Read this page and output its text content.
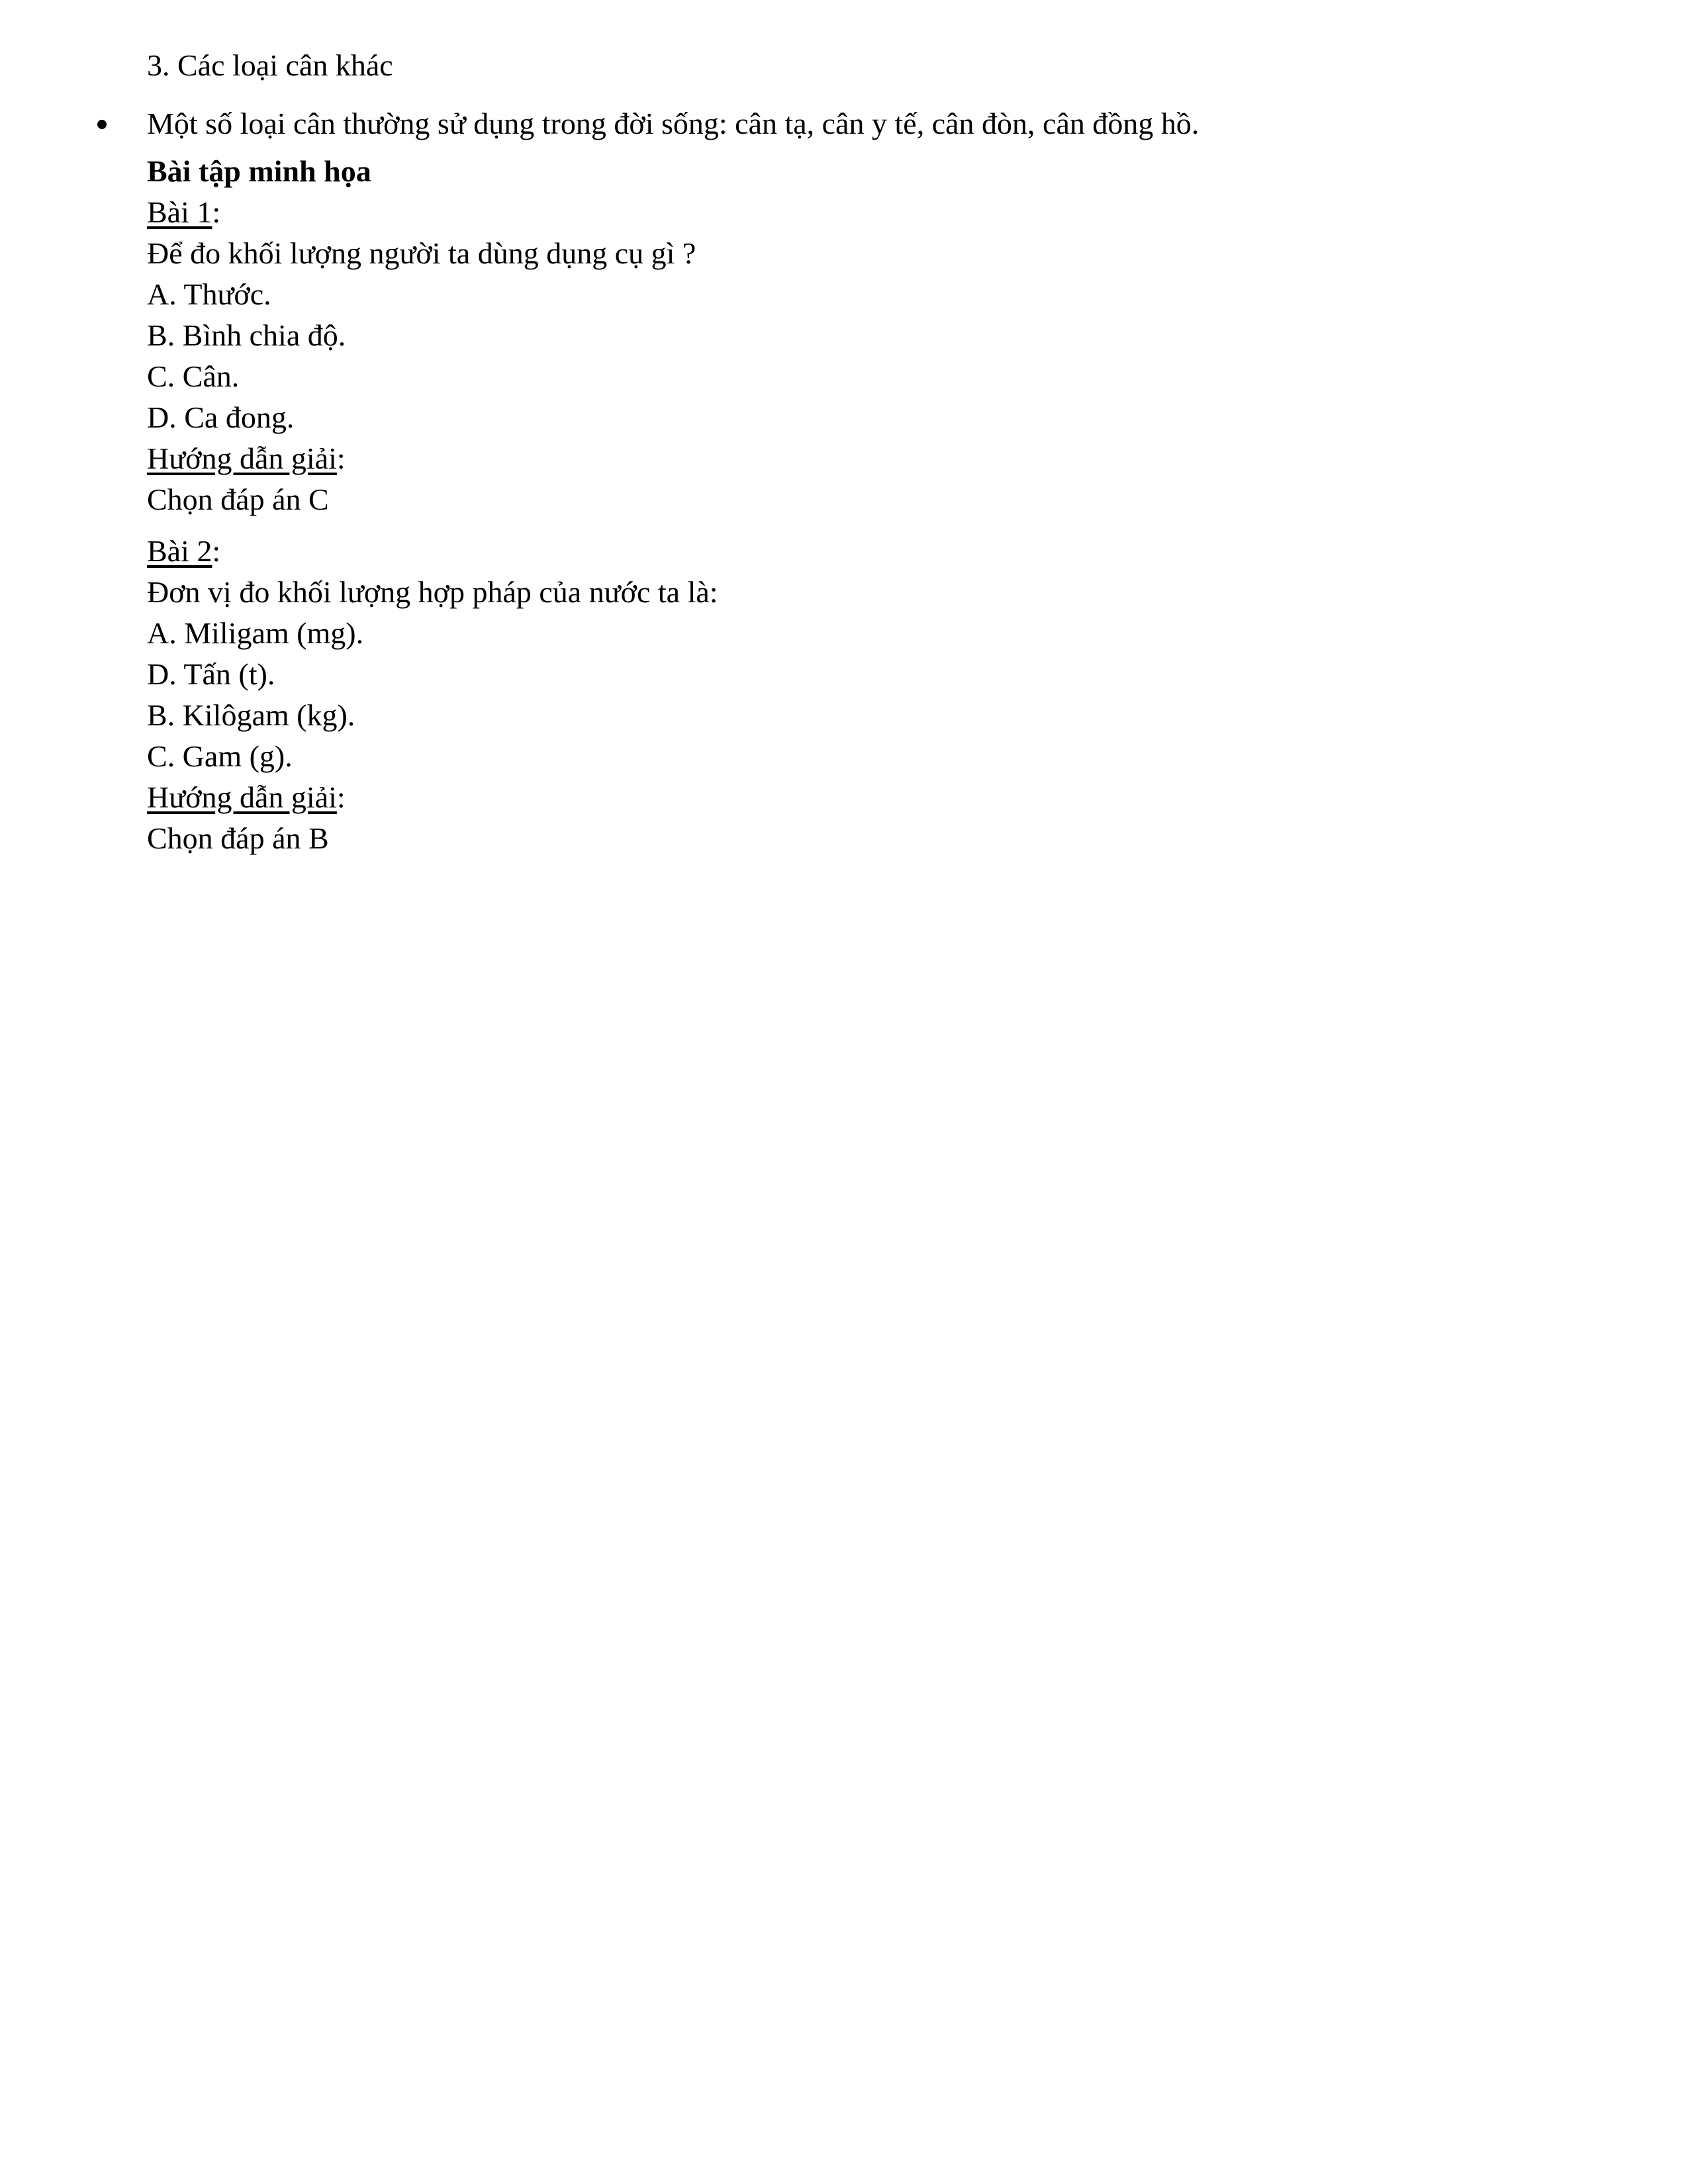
3. Các loại cân khác
Một số loại cân thường sử dụng trong đời sống: cân tạ, cân y tế, cân đòn, cân đồng hồ.
Bài tập minh họa
Bài 1:
Để đo khối lượng người ta dùng dụng cụ gì ?
A. Thước.
B. Bình chia độ.
C. Cân.
D. Ca đong.
Hướng dẫn giải:
Chọn đáp án C
Bài 2:
Đơn vị đo khối lượng hợp pháp của nước ta là:
A. Miligam (mg).
D. Tấn (t).
B. Kilôgam (kg).
C. Gam (g).
Hướng dẫn giải:
Chọn đáp án B
